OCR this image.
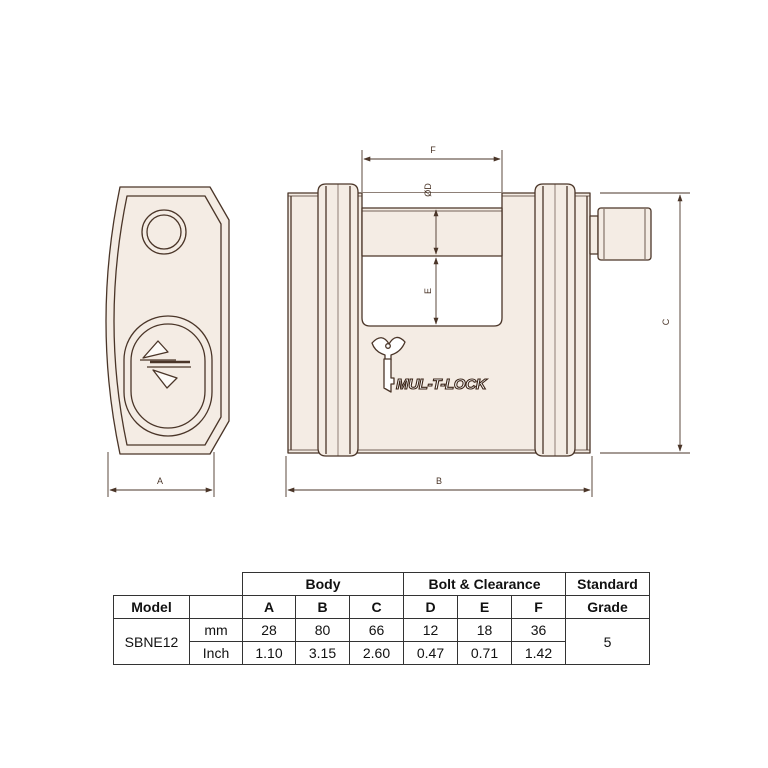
A	B
C
F
ØD
E
MUL-T-LOCK
		Body			Bolt & Clearance			Standard
Model		A	B	C	D	E	F	Grade
SBNE12	mm	28	80	66	12	18	36	5
	Inch	1.10	3.15	2.60	0.47	0.71	1.42	
